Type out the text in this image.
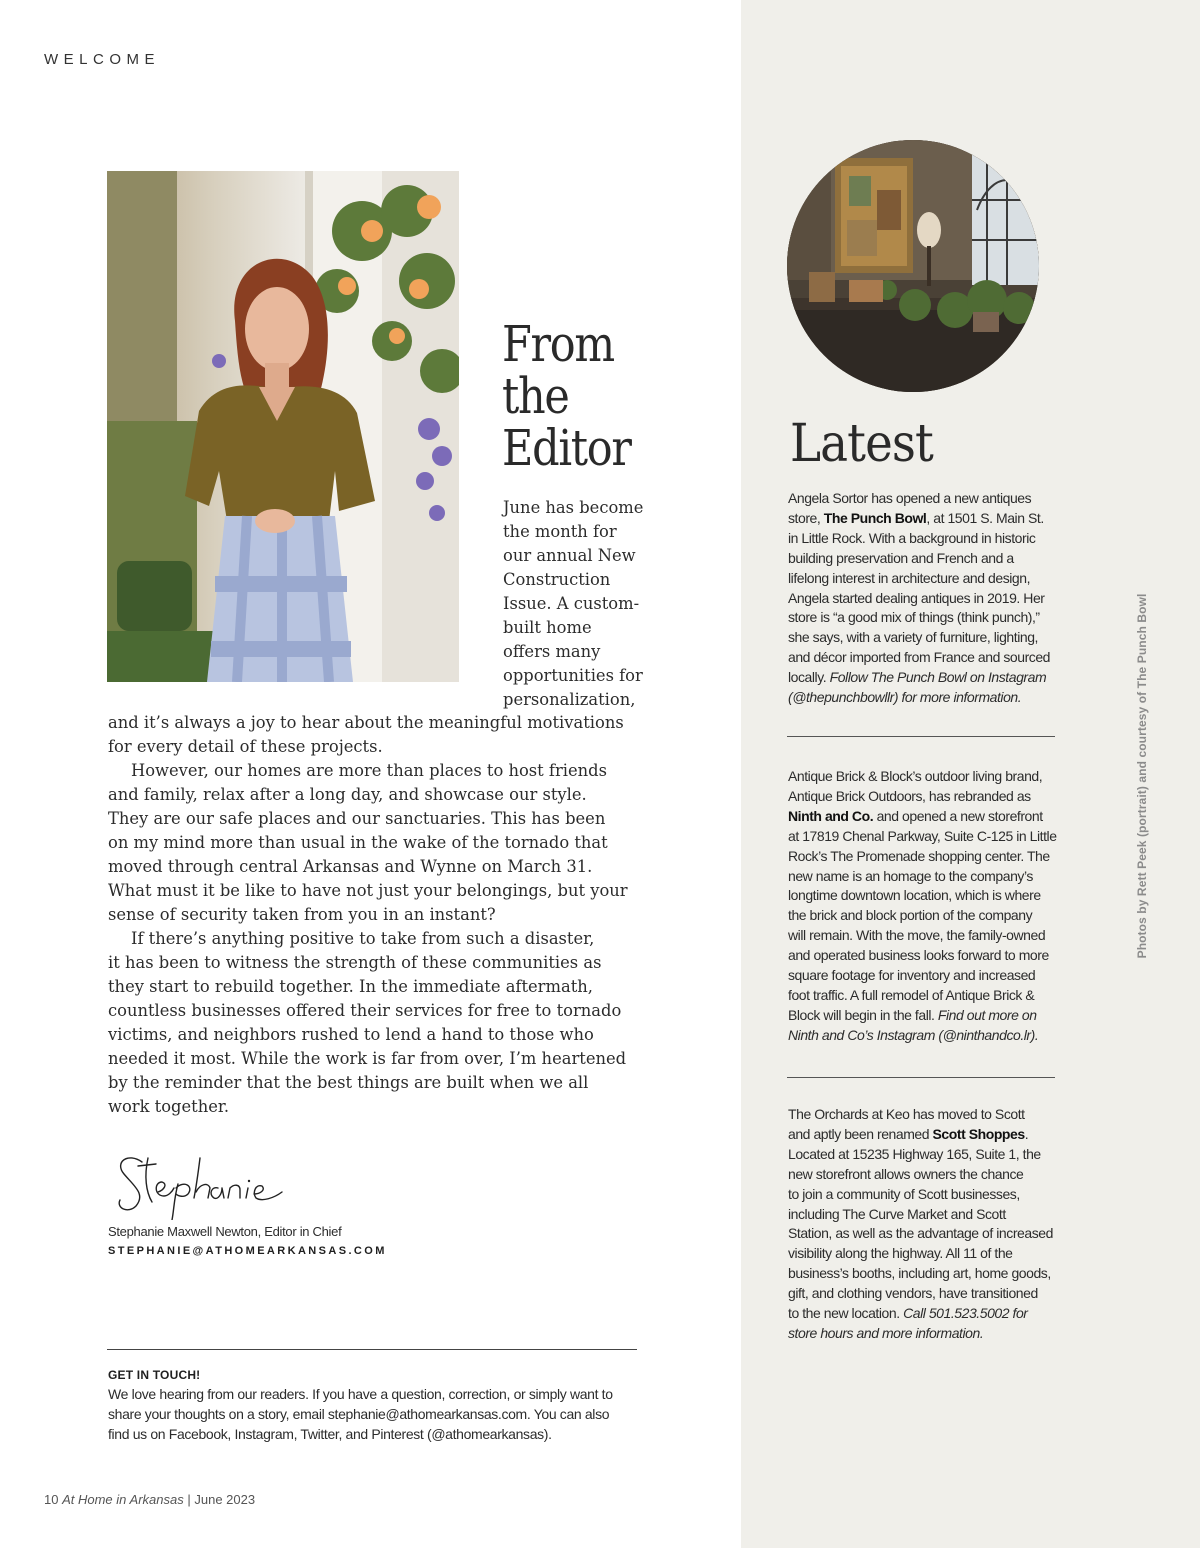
WELCOME
From
the
Editor
June has become
the month for
our annual New
Construction
Issue. A custom-
built home
offers many
opportunities for
personalization,
and it’s always a joy to hear about the meaningful motivations
for every detail of these projects.
However, our homes are more than places to host friends
and family, relax after a long day, and showcase our style.
They are our safe places and our sanctuaries. This has been
on my mind more than usual in the wake of the tornado that
moved through central Arkansas and Wynne on March 31.
What must it be like to have not just your belongings, but your
sense of security taken from you in an instant?
If there’s anything positive to take from such a disaster,
it has been to witness the strength of these communities as
they start to rebuild together. In the immediate aftermath,
countless businesses offered their services for free to tornado
victims, and neighbors rushed to lend a hand to those who
needed it most. While the work is far from over, I’m heartened
by the reminder that the best things are built when we all
work together.
Stephanie Maxwell Newton, Editor in Chief
STEPHANIE@ATHOMEARKANSAS.COM
GET IN TOUCH!
We love hearing from our readers. If you have a question, correction, or simply want to
share your thoughts on a story, email stephanie@athomearkansas.com. You can also
find us on Facebook, Instagram, Twitter, and Pinterest (@athomearkansas).
10 At Home in Arkansas | June 2023
Latest
Angela Sortor has opened a new antiques
store, The Punch Bowl, at 1501 S. Main St.
in Little Rock. With a background in historic
building preservation and French and a
lifelong interest in architecture and design,
Angela started dealing antiques in 2019. Her
store is “a good mix of things (think punch),”
she says, with a variety of furniture, lighting,
and décor imported from France and sourced
locally. Follow The Punch Bowl on Instagram
(@thepunchbowllr) for more information.
Antique Brick & Block’s outdoor living brand,
Antique Brick Outdoors, has rebranded as
Ninth and Co. and opened a new storefront
at 17819 Chenal Parkway, Suite C-125 in Little
Rock’s The Promenade shopping center. The
new name is an homage to the company’s
longtime downtown location, which is where
the brick and block portion of the company
will remain. With the move, the family-owned
and operated business looks forward to more
square footage for inventory and increased
foot traffic. A full remodel of Antique Brick &
Block will begin in the fall. Find out more on
Ninth and Co’s Instagram (@ninthandco.lr).
The Orchards at Keo has moved to Scott
and aptly been renamed Scott Shoppes.
Located at 15235 Highway 165, Suite 1, the
new storefront allows owners the chance
to join a community of Scott businesses,
including The Curve Market and Scott
Station, as well as the advantage of increased
visibility along the highway. All 11 of the
business’s booths, including art, home goods,
gift, and clothing vendors, have transitioned
to the new location. Call 501.523.5002 for
store hours and more information.
Photos by Rett Peek (portrait) and courtesy of The Punch Bowl
